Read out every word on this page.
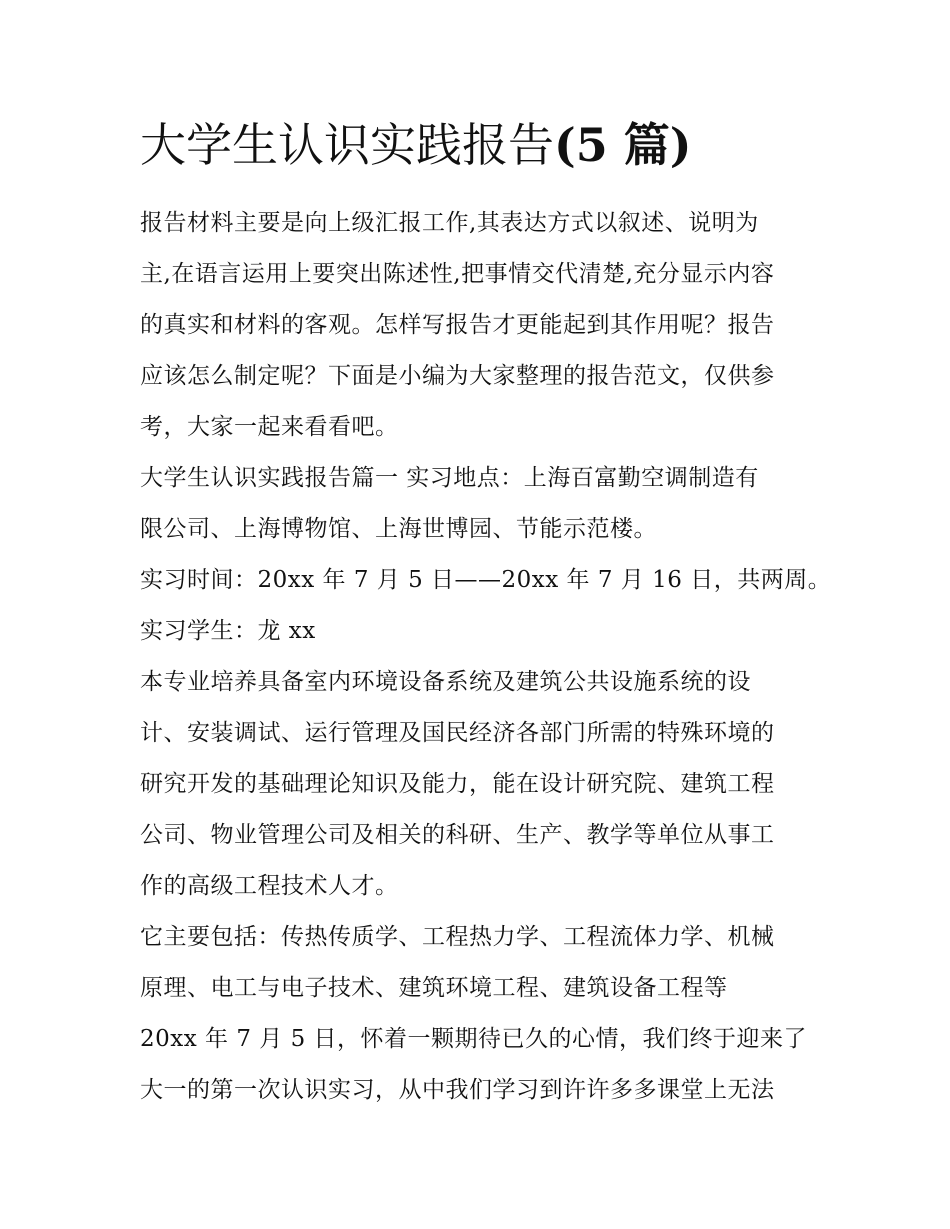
大学生认识实践报告(5 篇)
报告材料主要是向上级汇报工作,其表达方式以叙述、说明为
主,在语言运用上要突出陈述性,把事情交代清楚,充分显示内容
的真实和材料的客观。怎样写报告才更能起到其作用呢？报告
应该怎么制定呢？下面是小编为大家整理的报告范文，仅供参
考，大家一起来看看吧。
大学生认识实践报告篇一 实习地点：上海百富勤空调制造有
限公司、上海博物馆、上海世博园、节能示范楼。
实习时间：20xx 年 7 月 5 日——20xx 年 7 月 16 日，共两周。
实习学生：龙 xx
本专业培养具备室内环境设备系统及建筑公共设施系统的设
计、安装调试、运行管理及国民经济各部门所需的特殊环境的
研究开发的基础理论知识及能力，能在设计研究院、建筑工程
公司、物业管理公司及相关的科研、生产、教学等单位从事工
作的高级工程技术人才。
它主要包括：传热传质学、工程热力学、工程流体力学、机械
原理、电工与电子技术、建筑环境工程、建筑设备工程等
20xx 年 7 月 5 日，怀着一颗期待已久的心情，我们终于迎来了
大一的第一次认识实习，从中我们学习到许许多多课堂上无法
